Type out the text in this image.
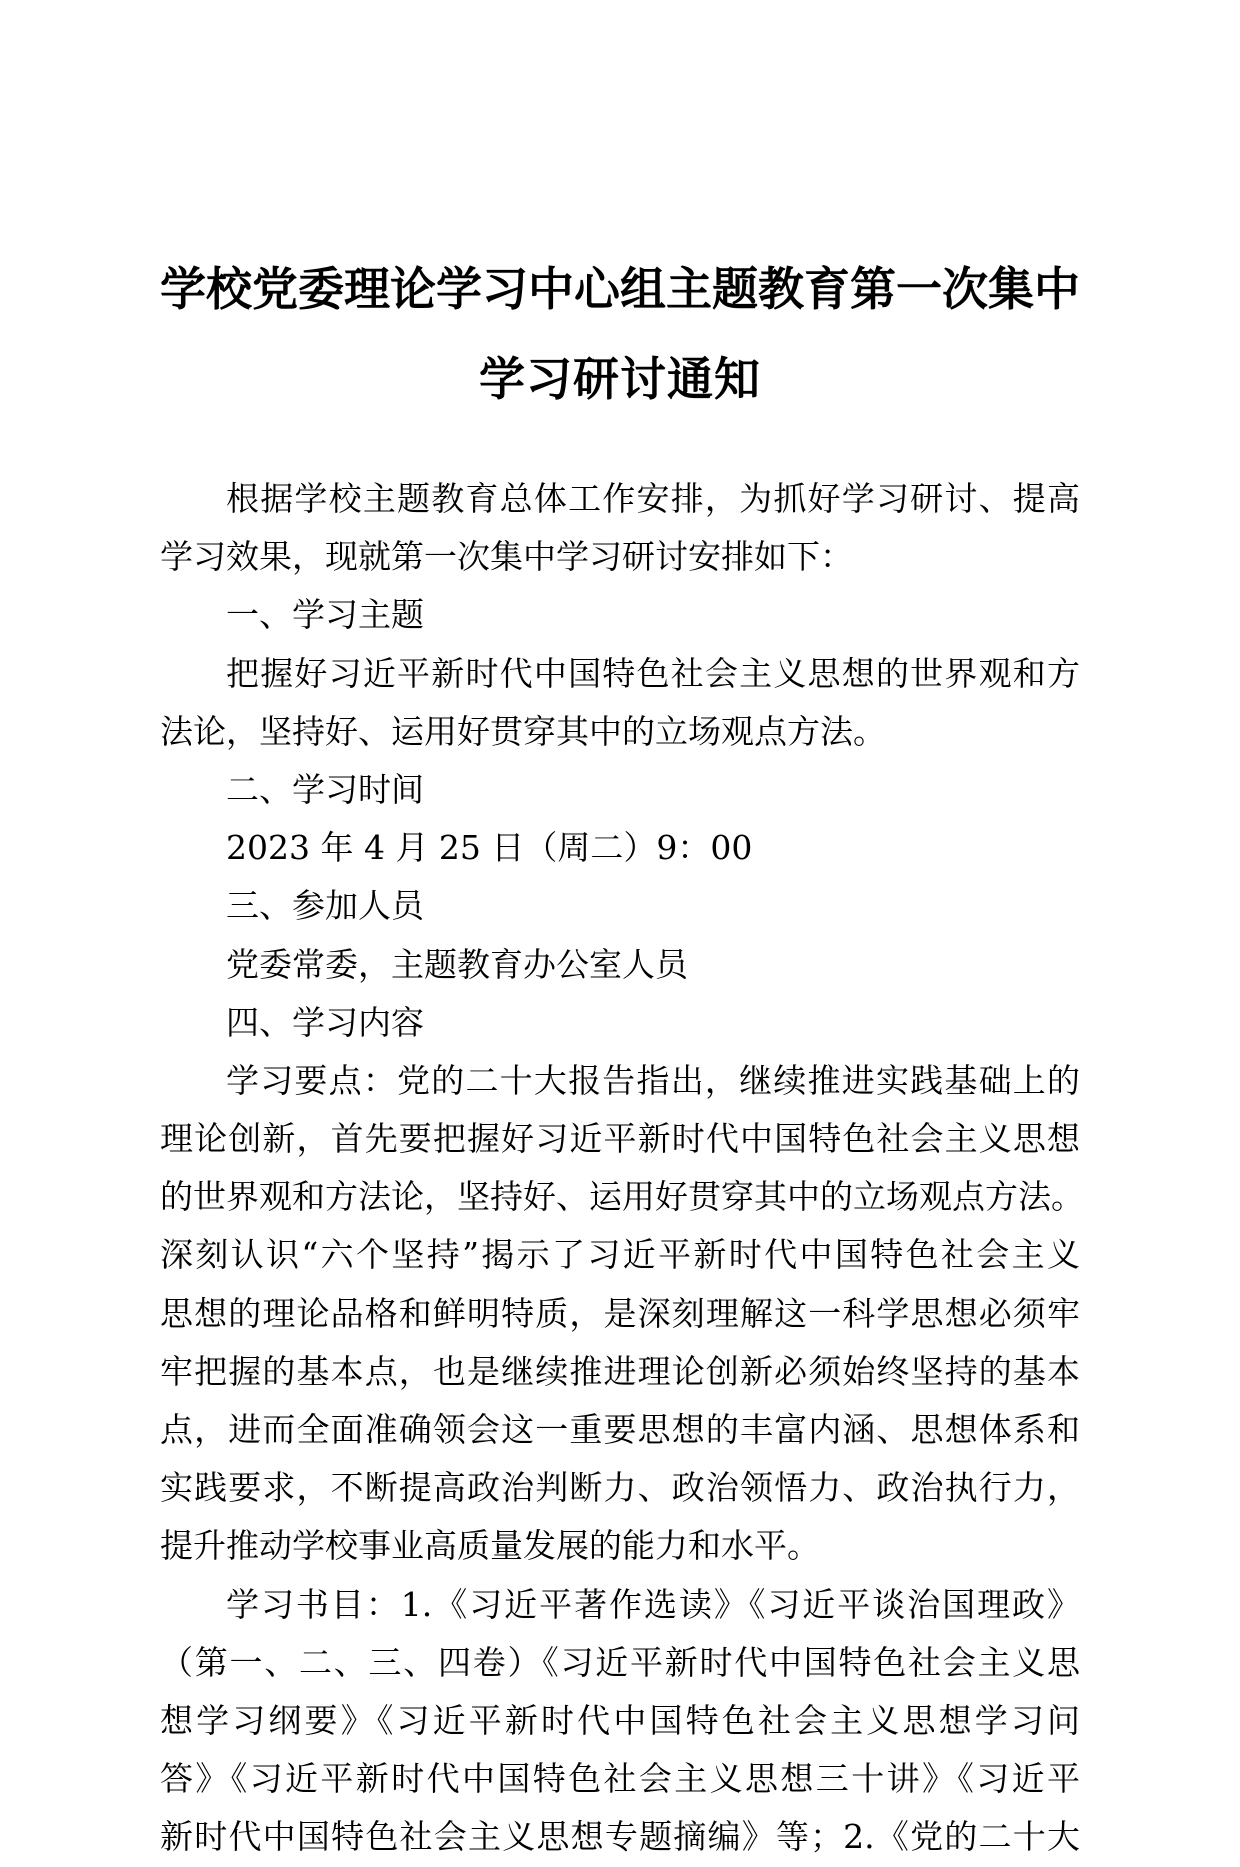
学校党委理论学习中心组主题教育第一次集中
学习研讨通知
根据学校主题教育总体工作安排，为抓好学习研讨、提高
学习效果，现就第一次集中学习研讨安排如下：
一、学习主题
把握好习近平新时代中国特色社会主义思想的世界观和方
法论，坚持好、运用好贯穿其中的立场观点方法。
二、学习时间
2023 年 4 月 25 日（周二）9：00
三、参加人员
党委常委，主题教育办公室人员
四、学习内容
学习要点：党的二十大报告指出，继续推进实践基础上的
理论创新，首先要把握好习近平新时代中国特色社会主义思想
的世界观和方法论，坚持好、运用好贯穿其中的立场观点方法。
深刻认识“六个坚持”揭示了习近平新时代中国特色社会主义
思想的理论品格和鲜明特质，是深刻理解这一科学思想必须牢
牢把握的基本点，也是继续推进理论创新必须始终坚持的基本
点，进而全面准确领会这一重要思想的丰富内涵、思想体系和
实践要求，不断提高政治判断力、政治领悟力、政治执行力，
提升推动学校事业高质量发展的能力和水平。
学习书目：1.《习近平著作选读》《习近平谈治国理政》
（第一、二、三、四卷）《习近平新时代中国特色社会主义思
想学习纲要》《习近平新时代中国特色社会主义思想学习问
答》《习近平新时代中国特色社会主义思想三十讲》《习近平
新时代中国特色社会主义思想专题摘编》等；2.《党的二十大
